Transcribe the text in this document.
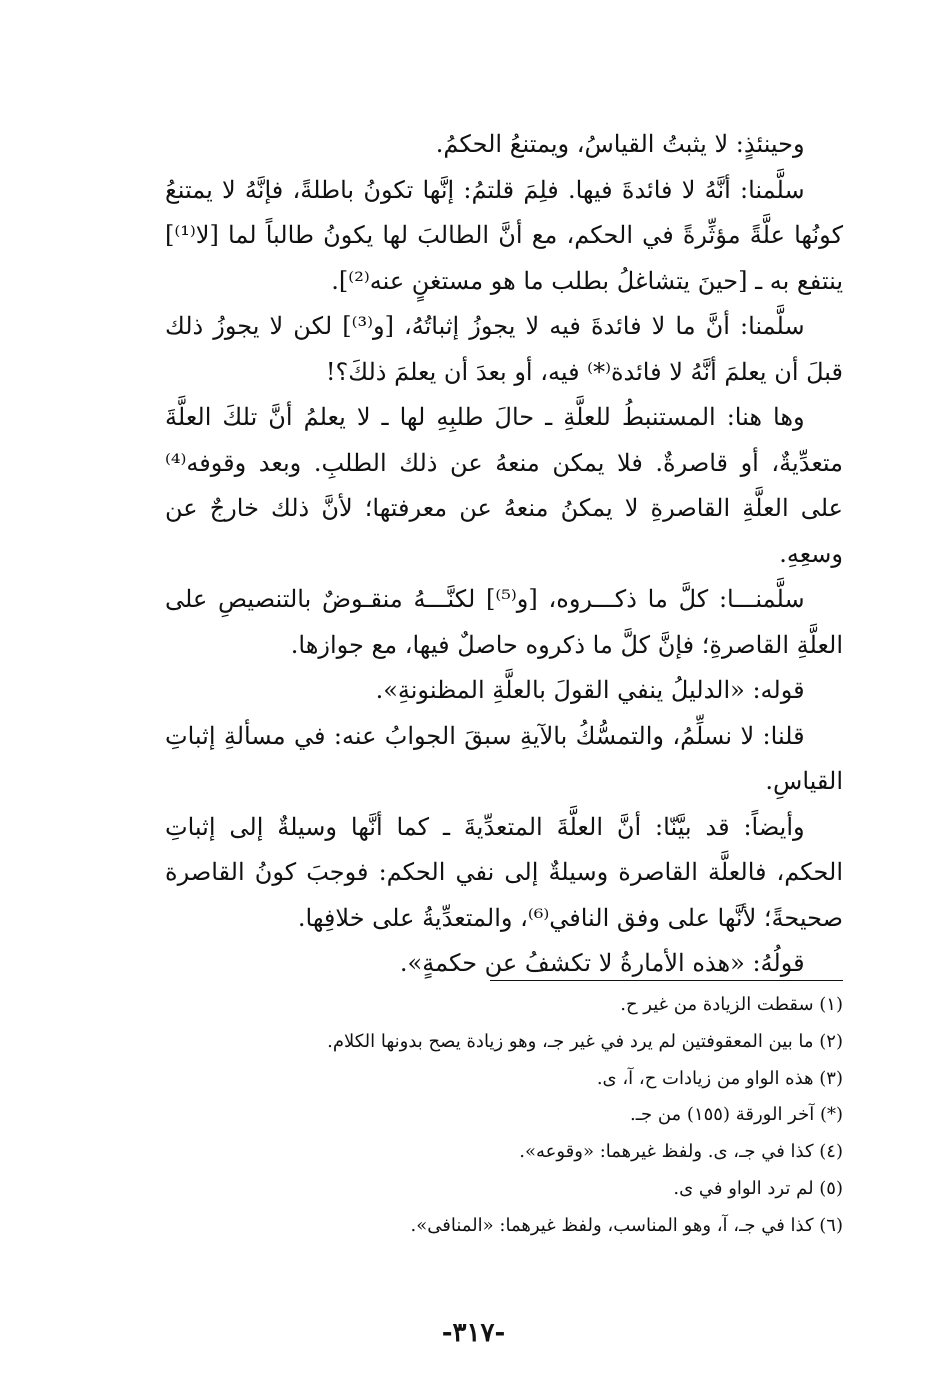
وحينئذٍ: لا يثبتُ القياسُ، ويمتنعُ الحكمُ.

سلَّمنا: أنَّهُ لا فائدةَ فيها. فلِمَ قلتمُ: إنَّها تكونُ باطلةً، فإنَّهُ لا يمتنعُ كونُها علَّةً مؤثِّرةً في الحكم، مع أنَّ الطالبَ لها يكونُ طالباً لما [لا⁽¹⁾] ينتفع به ـ [حينَ يتشاغلُ بطلب ما هو مستغنٍ عنه⁽²⁾].

سلَّمنا: أنَّ ما لا فائدةَ فيه لا يجوزُ إثباتُهُ، [و⁽³⁾] لكن لا يجوزُ ذلك قبلَ أن يعلمَ أنَّهُ لا فائدة⁽*⁾ فيه، أو بعدَ أن يعلمَ ذلكَ؟!

وها هنا: المستنبطُ للعلَّةِ ـ حالَ طلبِهِ لها ـ لا يعلمُ أنَّ تلكَ العلَّةَ متعدِّيةٌ، أو قاصرةٌ. فلا يمكن منعهُ عن ذلك الطلبِ. وبعد وقوفه⁽⁴⁾ على العلَّةِ القاصرةِ لا يمكنُ منعهُ عن معرفتها؛ لأنَّ ذلك خارجٌ عن وسعِهِ.

سلَّمنـــا: كلَّ ما ذكـــروه، [و⁽⁵⁾] لكنَّـــهُ منقـوضٌ بالتنصيصِ على العلَّةِ القاصرةِ؛ فإنَّ كلَّ ما ذكروه حاصلٌ فيها، مع جوازها.

قوله: «الدليلُ ينفي القولَ بالعلَّةِ المظنونةِ».

قلنا: لا نسلِّمُ، والتمسُّكُ بالآيةِ سبقَ الجوابُ عنه: في مسألةِ إثباتِ القياسِ.

وأيضاً: قد بيَّنّا: أنَّ العلَّةَ المتعدِّيةَ ـ كما أنَّها وسيلةٌ إلى إثباتِ الحكم، فالعلَّة القاصرة وسيلةٌ إلى نفي الحكم: فوجبَ كونُ القاصرة صحيحةً؛ لأنَّها على وفق النافي⁽⁶⁾، والمتعدِّيةُ على خلافِها.

قولُهُ: «هذه الأمارةُ لا تكشفُ عن حكمةٍ».

(١) سقطت الزيادة من غير ح.

(٢) ما بين المعقوفتين لم يرد في غير جـ، وهو زيادة يصح بدونها الكلام.

(٣) هذه الواو من زيادات ح، آ، ى.

(*) آخر الورقة (١٥٥) من جـ.

(٤) كذا في جـ، ى. ولفظ غيرهما: «وقوعه».

(٥) لم ترد الواو في ى.

(٦) كذا في جـ، آ، وهو المناسب، ولفظ غيرهما: «المنافى».

-٣١٧-
